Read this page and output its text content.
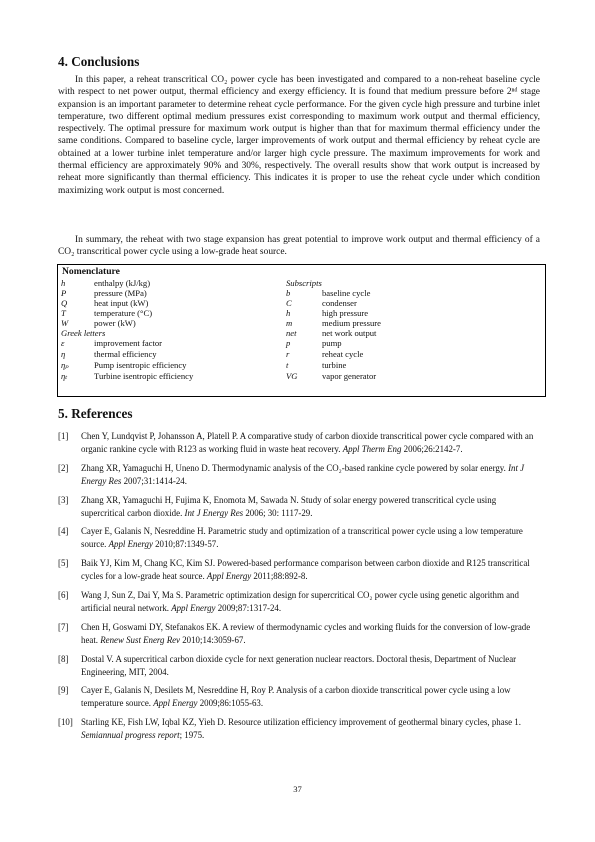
4. Conclusions

In this paper, a reheat transcritical CO₂ power cycle has been investigated and compared to a non-reheat baseline cycle with respect to net power output, thermal efficiency and exergy efficiency. It is found that medium pressure before 2ⁿᵈ stage expansion is an important parameter to determine reheat cycle performance. For the given cycle high pressure and turbine inlet temperature, two different optimal medium pressures exist corresponding to maximum work output and thermal efficiency, respectively. The optimal pressure for maximum work output is higher than that for maximum thermal efficiency under the same conditions. Compared to baseline cycle, larger improvements of work output and thermal efficiency by reheat cycle are obtained at a lower turbine inlet temperature and/or larger high cycle pressure. The maximum improvements for work and thermal efficiency are approximately 90% and 30%, respectively. The overall results show that work output is increased by reheat more significantly than thermal efficiency. This indicates it is proper to use the reheat cycle under which condition maximizing work output is most concerned.

In summary, the reheat with two stage expansion has great potential to improve work output and thermal efficiency of a CO₂ transcritical power cycle using a low-grade heat source.

Nomenclature
h	enthalpy (kJ/kg)
P	pressure (MPa)
Q	heat input (kW)
T	temperature (°C)
W	power (kW)
Greek letters
ε	improvement factor
η	thermal efficiency
ηₚ	Pump isentropic efficiency
ηₜ	Turbine isentropic efficiency
Subscripts
b	baseline cycle
C	condenser
h	high pressure
m	medium pressure
net	net work output
p	pump
r	reheat cycle
t	turbine
VG	vapor generator
5. References
[1] Chen Y, Lundqvist P, Johansson A, Platell P. A comparative study of carbon dioxide transcritical power cycle compared with an organic rankine cycle with R123 as working fluid in waste heat recovery. Appl Therm Eng 2006;26:2142-7.
[2] Zhang XR, Yamaguchi H, Uneno D. Thermodynamic analysis of the CO₂-based rankine cycle powered by solar energy. Int J Energy Res 2007;31:1414-24.
[3] Zhang XR, Yamaguchi H, Fujima K, Enomota M, Sawada N. Study of solar energy powered transcritical cycle using supercritical carbon dioxide. Int J Energy Res 2006; 30: 1117-29.
[4] Cayer E, Galanis N, Nesreddine H. Parametric study and optimization of a transcritical power cycle using a low temperature source. Appl Energy 2010;87:1349-57.
[5] Baik YJ, Kim M, Chang KC, Kim SJ. Powered-based performance comparison between carbon dioxide and R125 transcritical cycles for a low-grade heat source. Appl Energy 2011;88:892-8.
[6] Wang J, Sun Z, Dai Y, Ma S. Parametric optimization design for supercritical CO₂ power cycle using genetic algorithm and artificial neural network. Appl Energy 2009;87:1317-24.
[7] Chen H, Goswami DY, Stefanakos EK. A review of thermodynamic cycles and working fluids for the conversion of low-grade heat. Renew Sust Energ Rev 2010;14:3059-67.
[8] Dostal V. A supercritical carbon dioxide cycle for next generation nuclear reactors. Doctoral thesis, Department of Nuclear Engineering, MIT, 2004.
[9] Cayer E, Galanis N, Desilets M, Nesreddine H, Roy P. Analysis of a carbon dioxide transcritical power cycle using a low temperature source. Appl Energy 2009;86:1055-63.
[10] Starling KE, Fish LW, Iqbal KZ, Yieh D. Resource utilization efficiency improvement of geothermal binary cycles, phase 1. Semiannual progress report; 1975.
37
